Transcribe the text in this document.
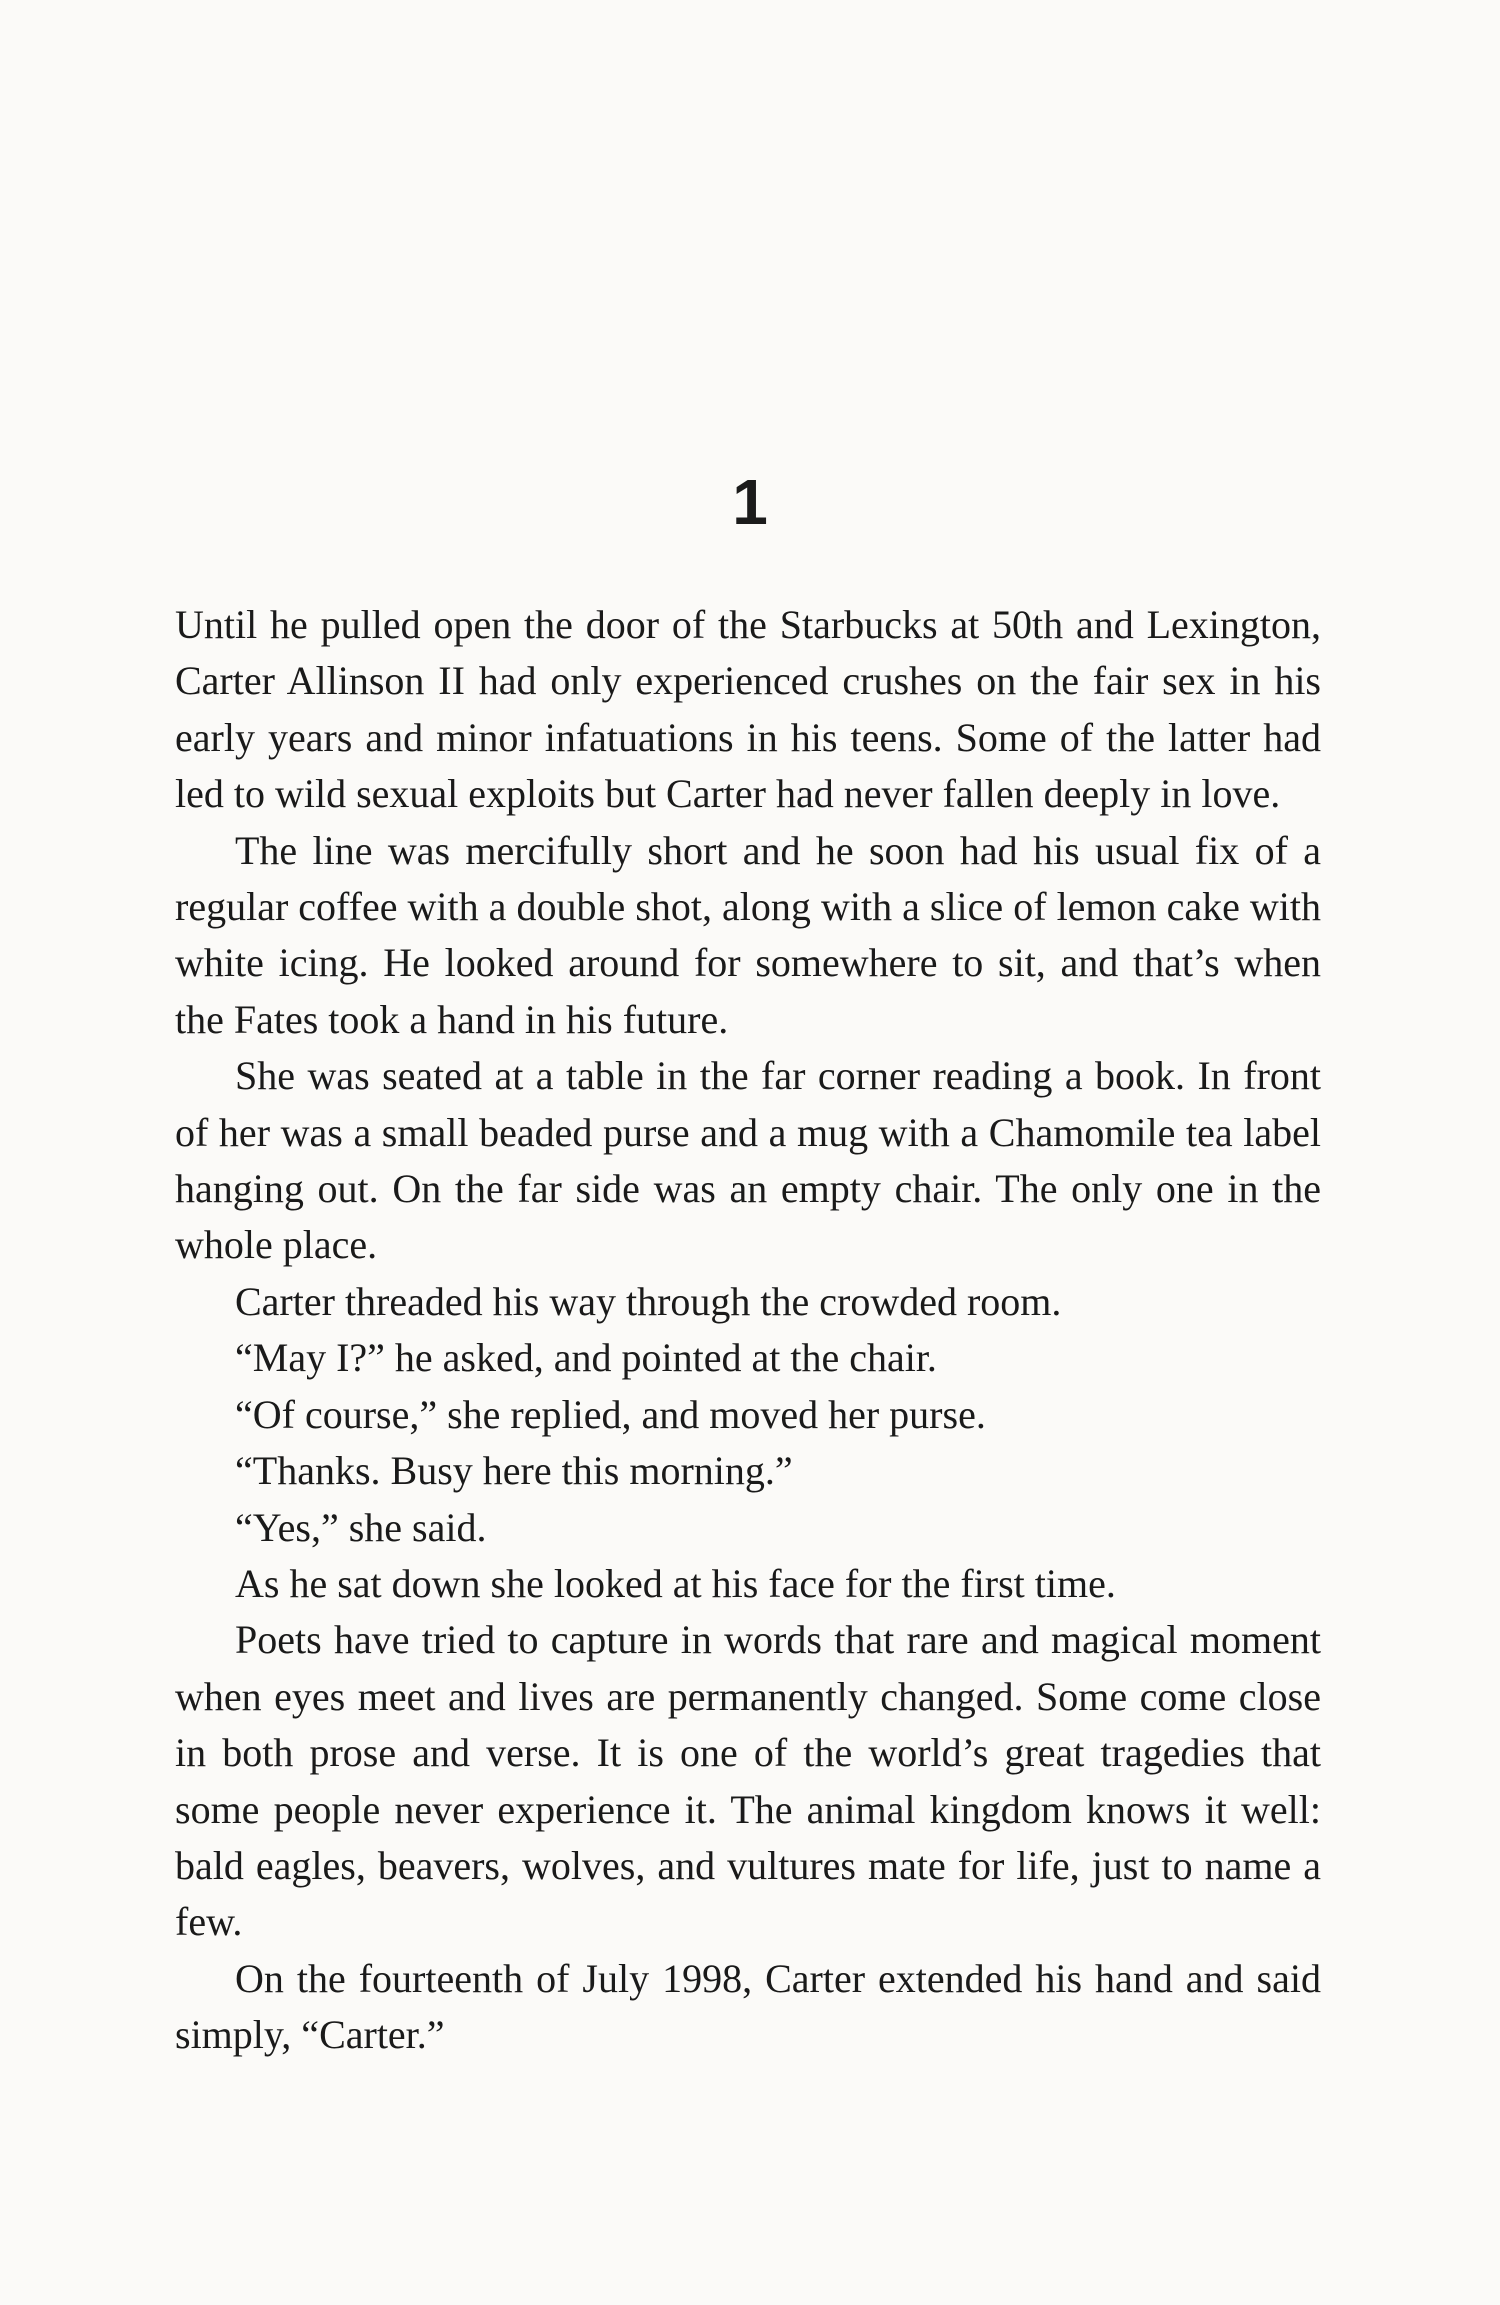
1

Until he pulled open the door of the Starbucks at 50th and Lexington, Carter Allinson II had only experienced crushes on the fair sex in his early years and minor infatuations in his teens. Some of the latter had led to wild sexual exploits but Carter had never fallen deeply in love.

The line was mercifully short and he soon had his usual fix of a regular coffee with a double shot, along with a slice of lemon cake with white icing. He looked around for somewhere to sit, and that’s when the Fates took a hand in his future.

She was seated at a table in the far corner reading a book. In front of her was a small beaded purse and a mug with a Chamomile tea label hanging out. On the far side was an empty chair. The only one in the whole place.

Carter threaded his way through the crowded room.

“May I?” he asked, and pointed at the chair.

“Of course,” she replied, and moved her purse.

“Thanks. Busy here this morning.”

“Yes,” she said.

As he sat down she looked at his face for the first time.

Poets have tried to capture in words that rare and magical moment when eyes meet and lives are permanently changed. Some come close in both prose and verse. It is one of the world’s great tragedies that some people never experience it. The animal kingdom knows it well: bald eagles, beavers, wolves, and vultures mate for life, just to name a few.

On the fourteenth of July 1998, Carter extended his hand and said simply, “Carter.”
